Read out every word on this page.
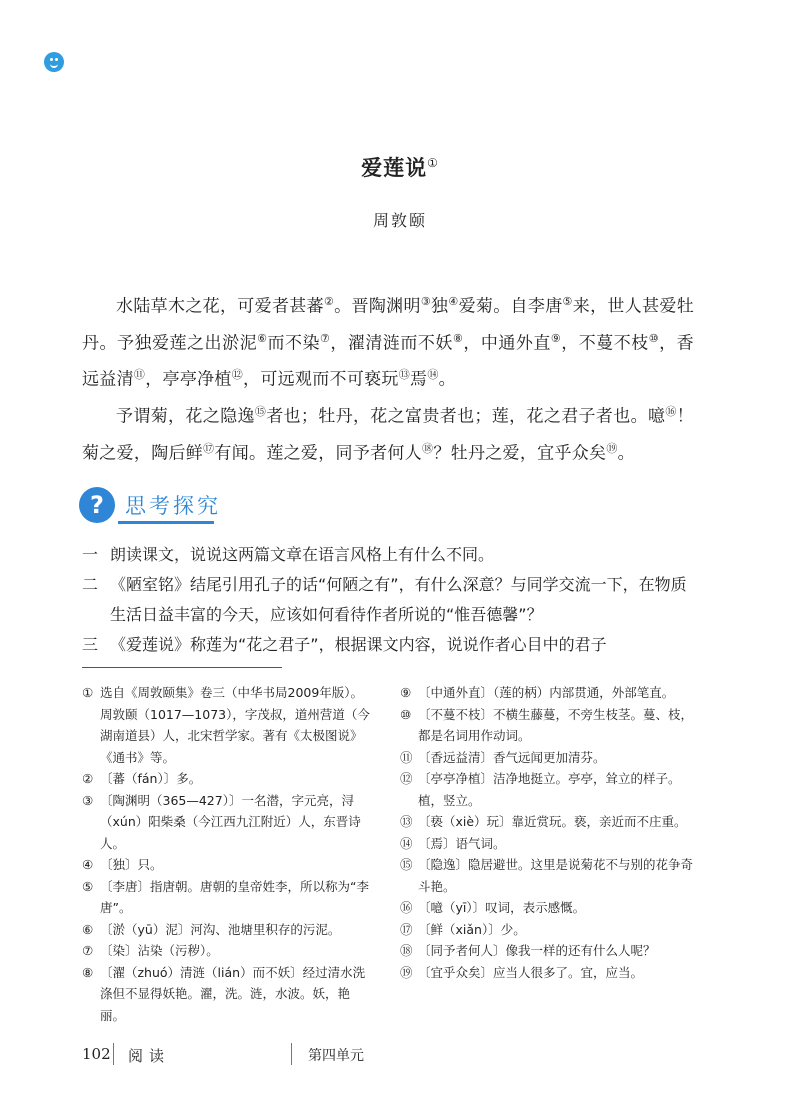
爱莲说①
周敦颐

水陆草木之花，可爱者甚蕃②。晋陶渊明③独④爱菊。自李唐⑤来，世人甚爱牡丹。予独爱莲之出淤泥⑥而不染⑦，濯清涟而不妖⑧，中通外直⑨，不蔓不枝⑩，香远益清⑪，亭亭净植⑫，可远观而不可亵玩⑬焉⑭。

予谓菊，花之隐逸⑮者也；牡丹，花之富贵者也；莲，花之君子者也。噫⑯！菊之爱，陶后鲜⑰有闻。莲之爱，同予者何人⑱？牡丹之爱，宜乎众矣⑲。

?	思考探究
一 朗读课文，说说这两篇文章在语言风格上有什么不同。
二 《陋室铭》结尾引用孔子的话“何陋之有”，有什么深意？与同学交流一下，在物质生活日益丰富的今天，应该如何看待作者所说的“惟吾德馨”？
三 《爱莲说》称莲为“花之君子”，根据课文内容，说说作者心目中的君子
① 选自《周敦颐集》卷三（中华书局2009年版）。周敦颐（1017—1073），字茂叔，道州营道（今湖南道县）人，北宋哲学家。著有《太极图说》《通书》等。
② 〔蕃（fán）〕多。
③ 〔陶渊明（365—427）〕一名潜，字元亮，浔（xún）阳柴桑（今江西九江附近）人，东晋诗人。
④ 〔独〕只。
⑤ 〔李唐〕指唐朝。唐朝的皇帝姓李，所以称为“李唐”。
⑥ 〔淤（yū）泥〕河沟、池塘里积存的污泥。
⑦ 〔染〕沾染（污秽）。
⑧ 〔濯（zhuó）清涟（lián）而不妖〕经过清水洗涤但不显得妖艳。濯，洗。涟，水波。妖，艳丽。
⑨ 〔中通外直〕（莲的柄）内部贯通，外部笔直。
⑩ 〔不蔓不枝〕不横生藤蔓，不旁生枝茎。蔓、枝，都是名词用作动词。
⑪ 〔香远益清〕香气远闻更加清芬。
⑫ 〔亭亭净植〕洁净地挺立。亭亭，耸立的样子。植，竖立。
⑬ 〔亵（xiè）玩〕靠近赏玩。亵，亲近而不庄重。
⑭ 〔焉〕语气词。
⑮ 〔隐逸〕隐居避世。这里是说菊花不与别的花争奇斗艳。
⑯ 〔噫（yī）〕叹词，表示感慨。
⑰ 〔鲜（xiǎn）〕少。
⑱ 〔同予者何人〕像我一样的还有什么人呢？
⑲ 〔宜乎众矣〕应当人很多了。宜，应当。
102 阅读	第四单元
